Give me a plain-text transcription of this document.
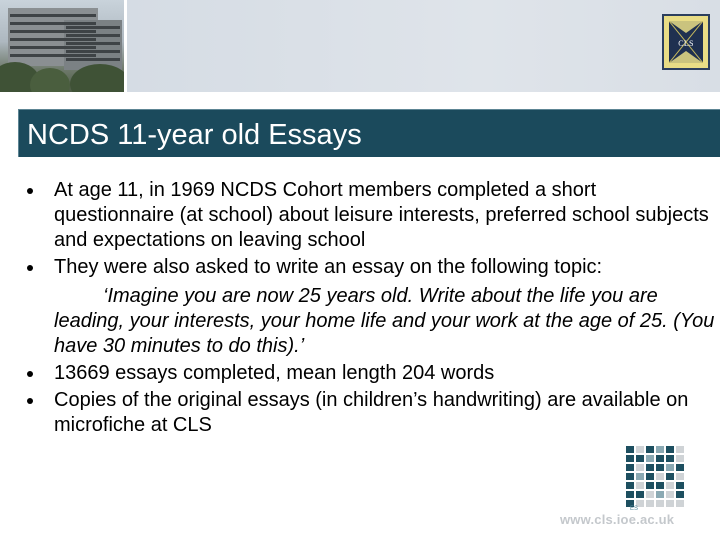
CLS
NCDS 11-year old Essays
At age 11, in 1969 NCDS Cohort members completed a short questionnaire (at school) about leisure interests, preferred school subjects and expectations on leaving school
They were also asked to write an essay on the following topic:
‘Imagine you are now 25 years old. Write about the life you are leading, your interests, your home life and your work at the age of 25. (You have 30 minutes to do this).’
13669 essays completed, mean length 204 words
Copies of the original essays (in children’s handwriting) are available on microfiche at CLS
ES
www.cls.ioe.ac.uk
